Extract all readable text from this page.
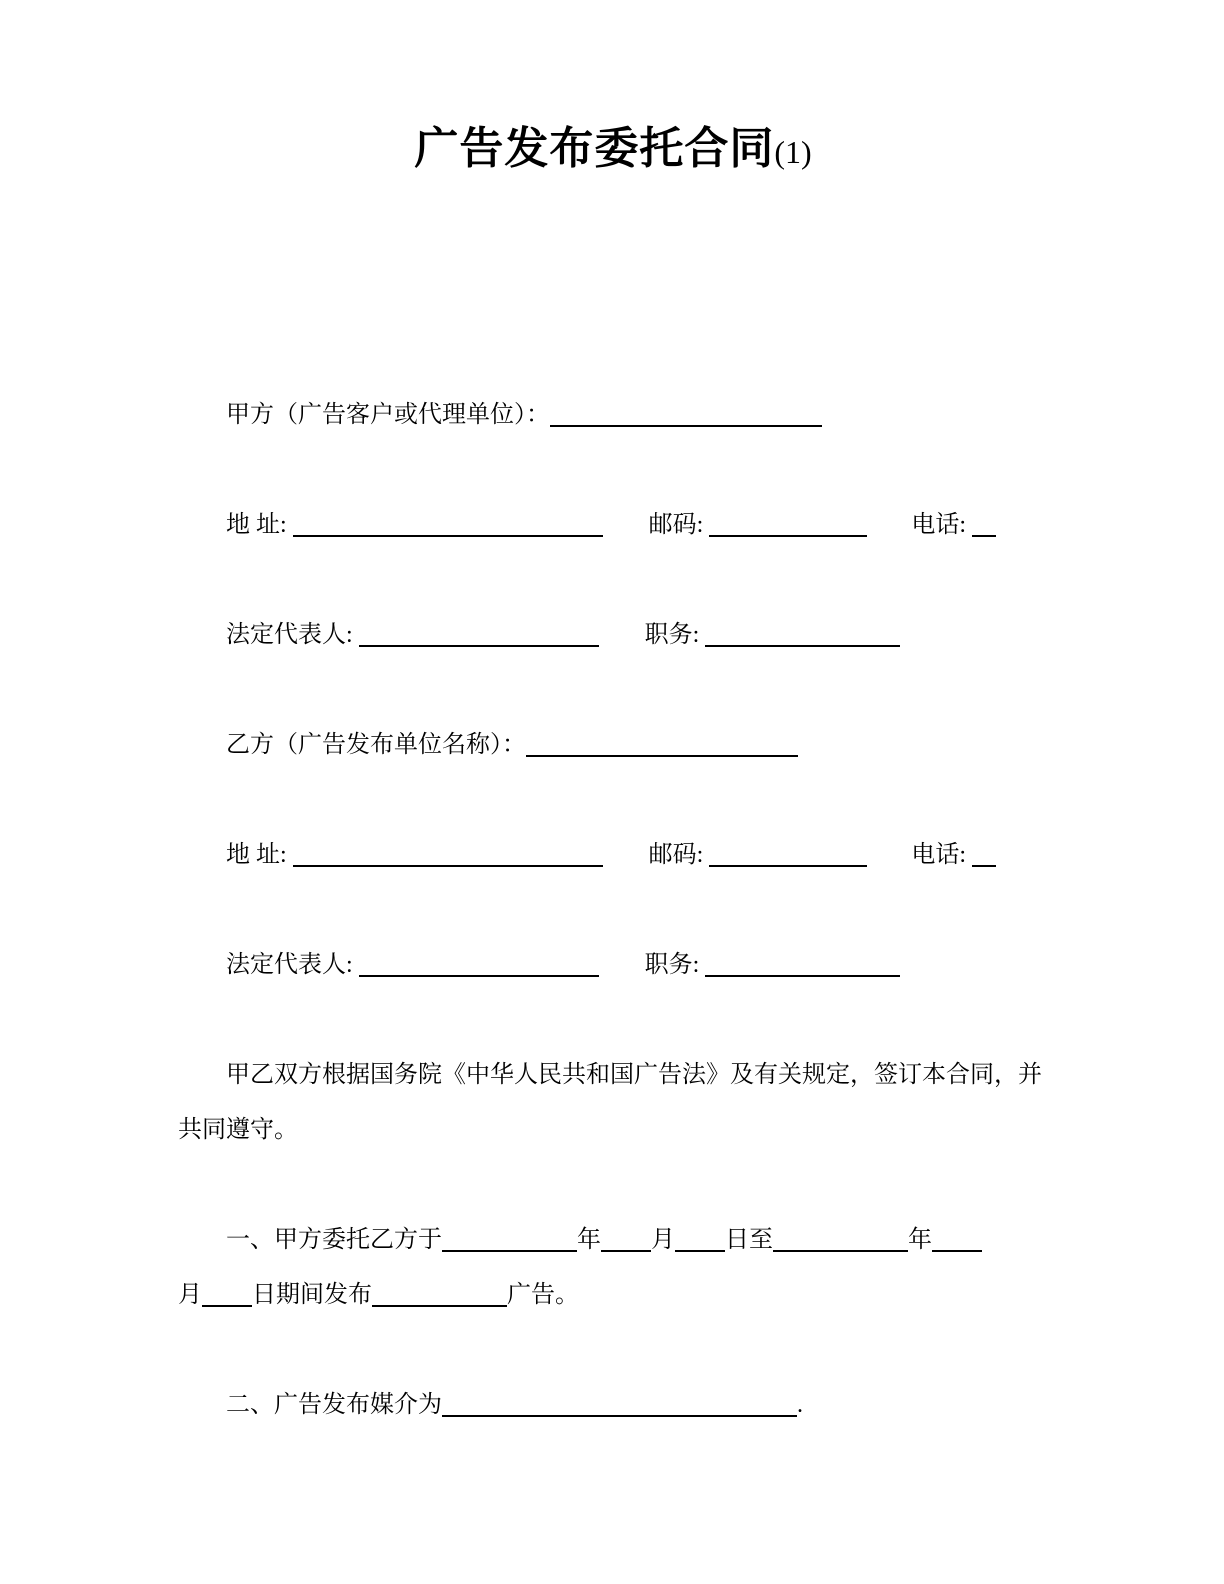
广告发布委托合同(1)
甲方（广告客户或代理单位）：
地 址:	邮码:	电话:
法定代表人:	职务:
乙方（广告发布单位名称）：
地 址:	邮码:	电话:
法定代表人:	职务:
甲乙双方根据国务院《中华人民共和国广告法》及有关规定，签订本合同，并
共同遵守。
一、甲方委托乙方于	年 月 日至	年
月 日期间发布	广告。
二、广告发布媒介为	.
